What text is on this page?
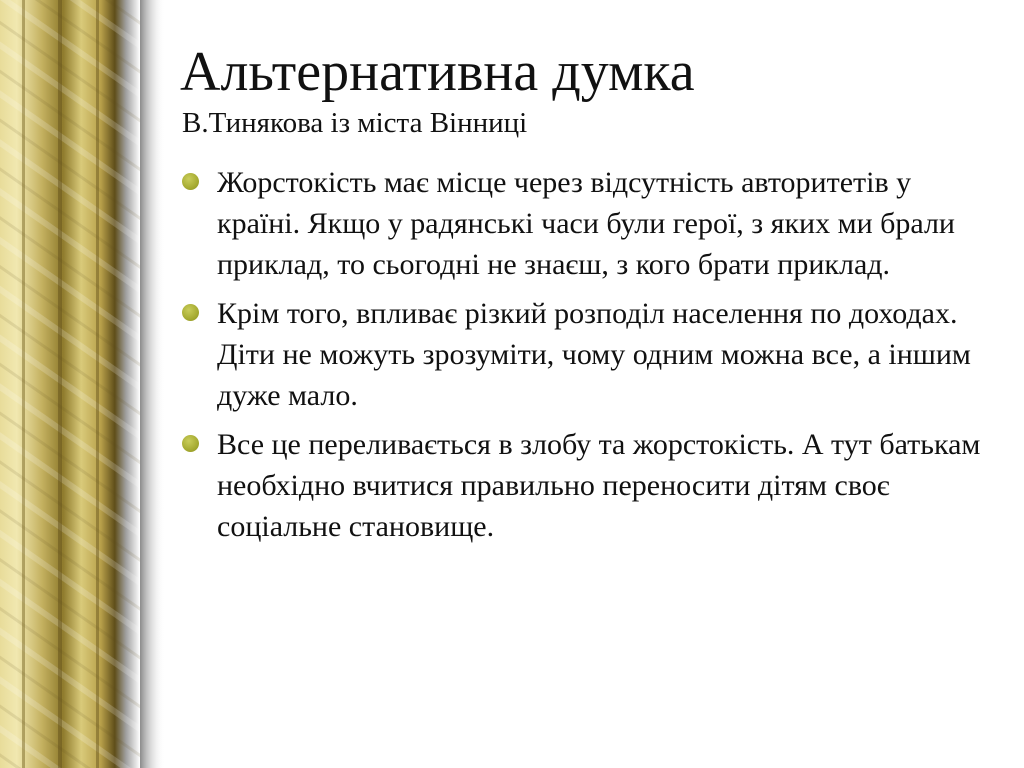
Альтернативна думка
В.Тинякова із міста Вінниці
Жорстокість має місце через відсутність авторитетів у країні. Якщо у радянські часи були герої, з яких ми брали приклад, то сьогодні не знаєш, з кого брати приклад.
Крім того, впливає різкий розподіл населення по доходах. Діти не можуть зрозуміти, чому одним можна все, а іншим дуже мало.
Все це переливається в злобу та жорстокість. А тут батькам необхідно вчитися правильно переносити дітям своє соціальне становище.
